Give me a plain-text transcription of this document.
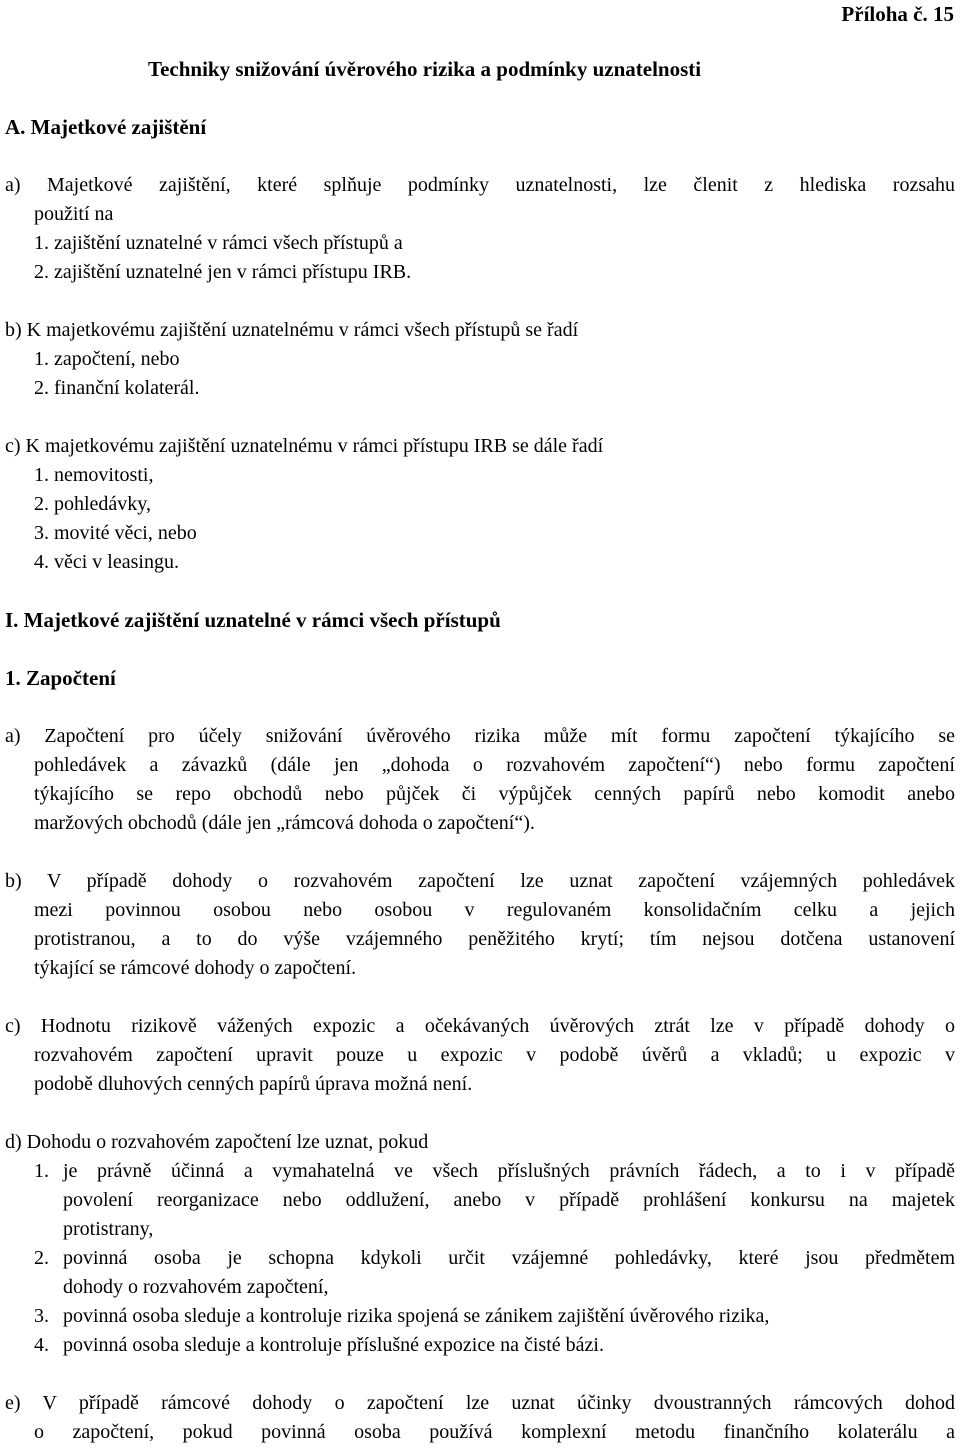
Příloha č. 15
Techniky snižování úvěrového rizika a podmínky uznatelnosti
A. Majetkové zajištění
a) Majetkové zajištění, které splňuje podmínky uznatelnosti, lze členit z hlediska rozsahu
použití na
1. zajištění uznatelné v rámci všech přístupů a
2. zajištění uznatelné jen v rámci přístupu IRB.
b) K majetkovému zajištění uznatelnému v rámci všech přístupů se řadí
1. započtení, nebo
2. finanční kolaterál.
c) K majetkovému zajištění uznatelnému v rámci přístupu IRB se dále řadí
1. nemovitosti,
2. pohledávky,
3. movité věci, nebo
4. věci v leasingu.
I. Majetkové zajištění uznatelné v rámci všech přístupů
1. Započtení
a) Započtení pro účely snižování úvěrového rizika může mít formu započtení týkajícího se
pohledávek a závazků (dále jen „dohoda o rozvahovém započtení“) nebo formu započtení
týkajícího se repo obchodů nebo půjček či výpůjček cenných papírů nebo komodit anebo
maržových obchodů (dále jen „rámcová dohoda o započtení“).
b) V případě dohody o rozvahovém započtení lze uznat započtení vzájemných pohledávek
mezi povinnou osobou nebo osobou v regulovaném konsolidačním celku a jejich
protistranou, a to do výše vzájemného peněžitého krytí; tím nejsou dotčena ustanovení
týkající se rámcové dohody o započtení.
c) Hodnotu rizikově vážených expozic a očekávaných úvěrových ztrát lze v případě dohody o
rozvahovém započtení upravit pouze u expozic v podobě úvěrů a vkladů; u expozic v
podobě dluhových cenných papírů úprava možná není.
d) Dohodu o rozvahovém započtení lze uznat, pokud
1. je právně účinná a vymahatelná ve všech příslušných právních řádech, a to i v případě
povolení reorganizace nebo oddlužení, anebo v případě prohlášení konkursu na majetek
protistrany,
2. povinná osoba je schopna kdykoli určit vzájemné pohledávky, které jsou předmětem
dohody o rozvahovém započtení,
3. povinná osoba sleduje a kontroluje rizika spojená se zánikem zajištění úvěrového rizika,
4. povinná osoba sleduje a kontroluje příslušné expozice na čisté bázi.
e) V případě rámcové dohody o započtení lze uznat účinky dvoustranných rámcových dohod
o započtení, pokud povinná osoba používá komplexní metodu finančního kolaterálu a
